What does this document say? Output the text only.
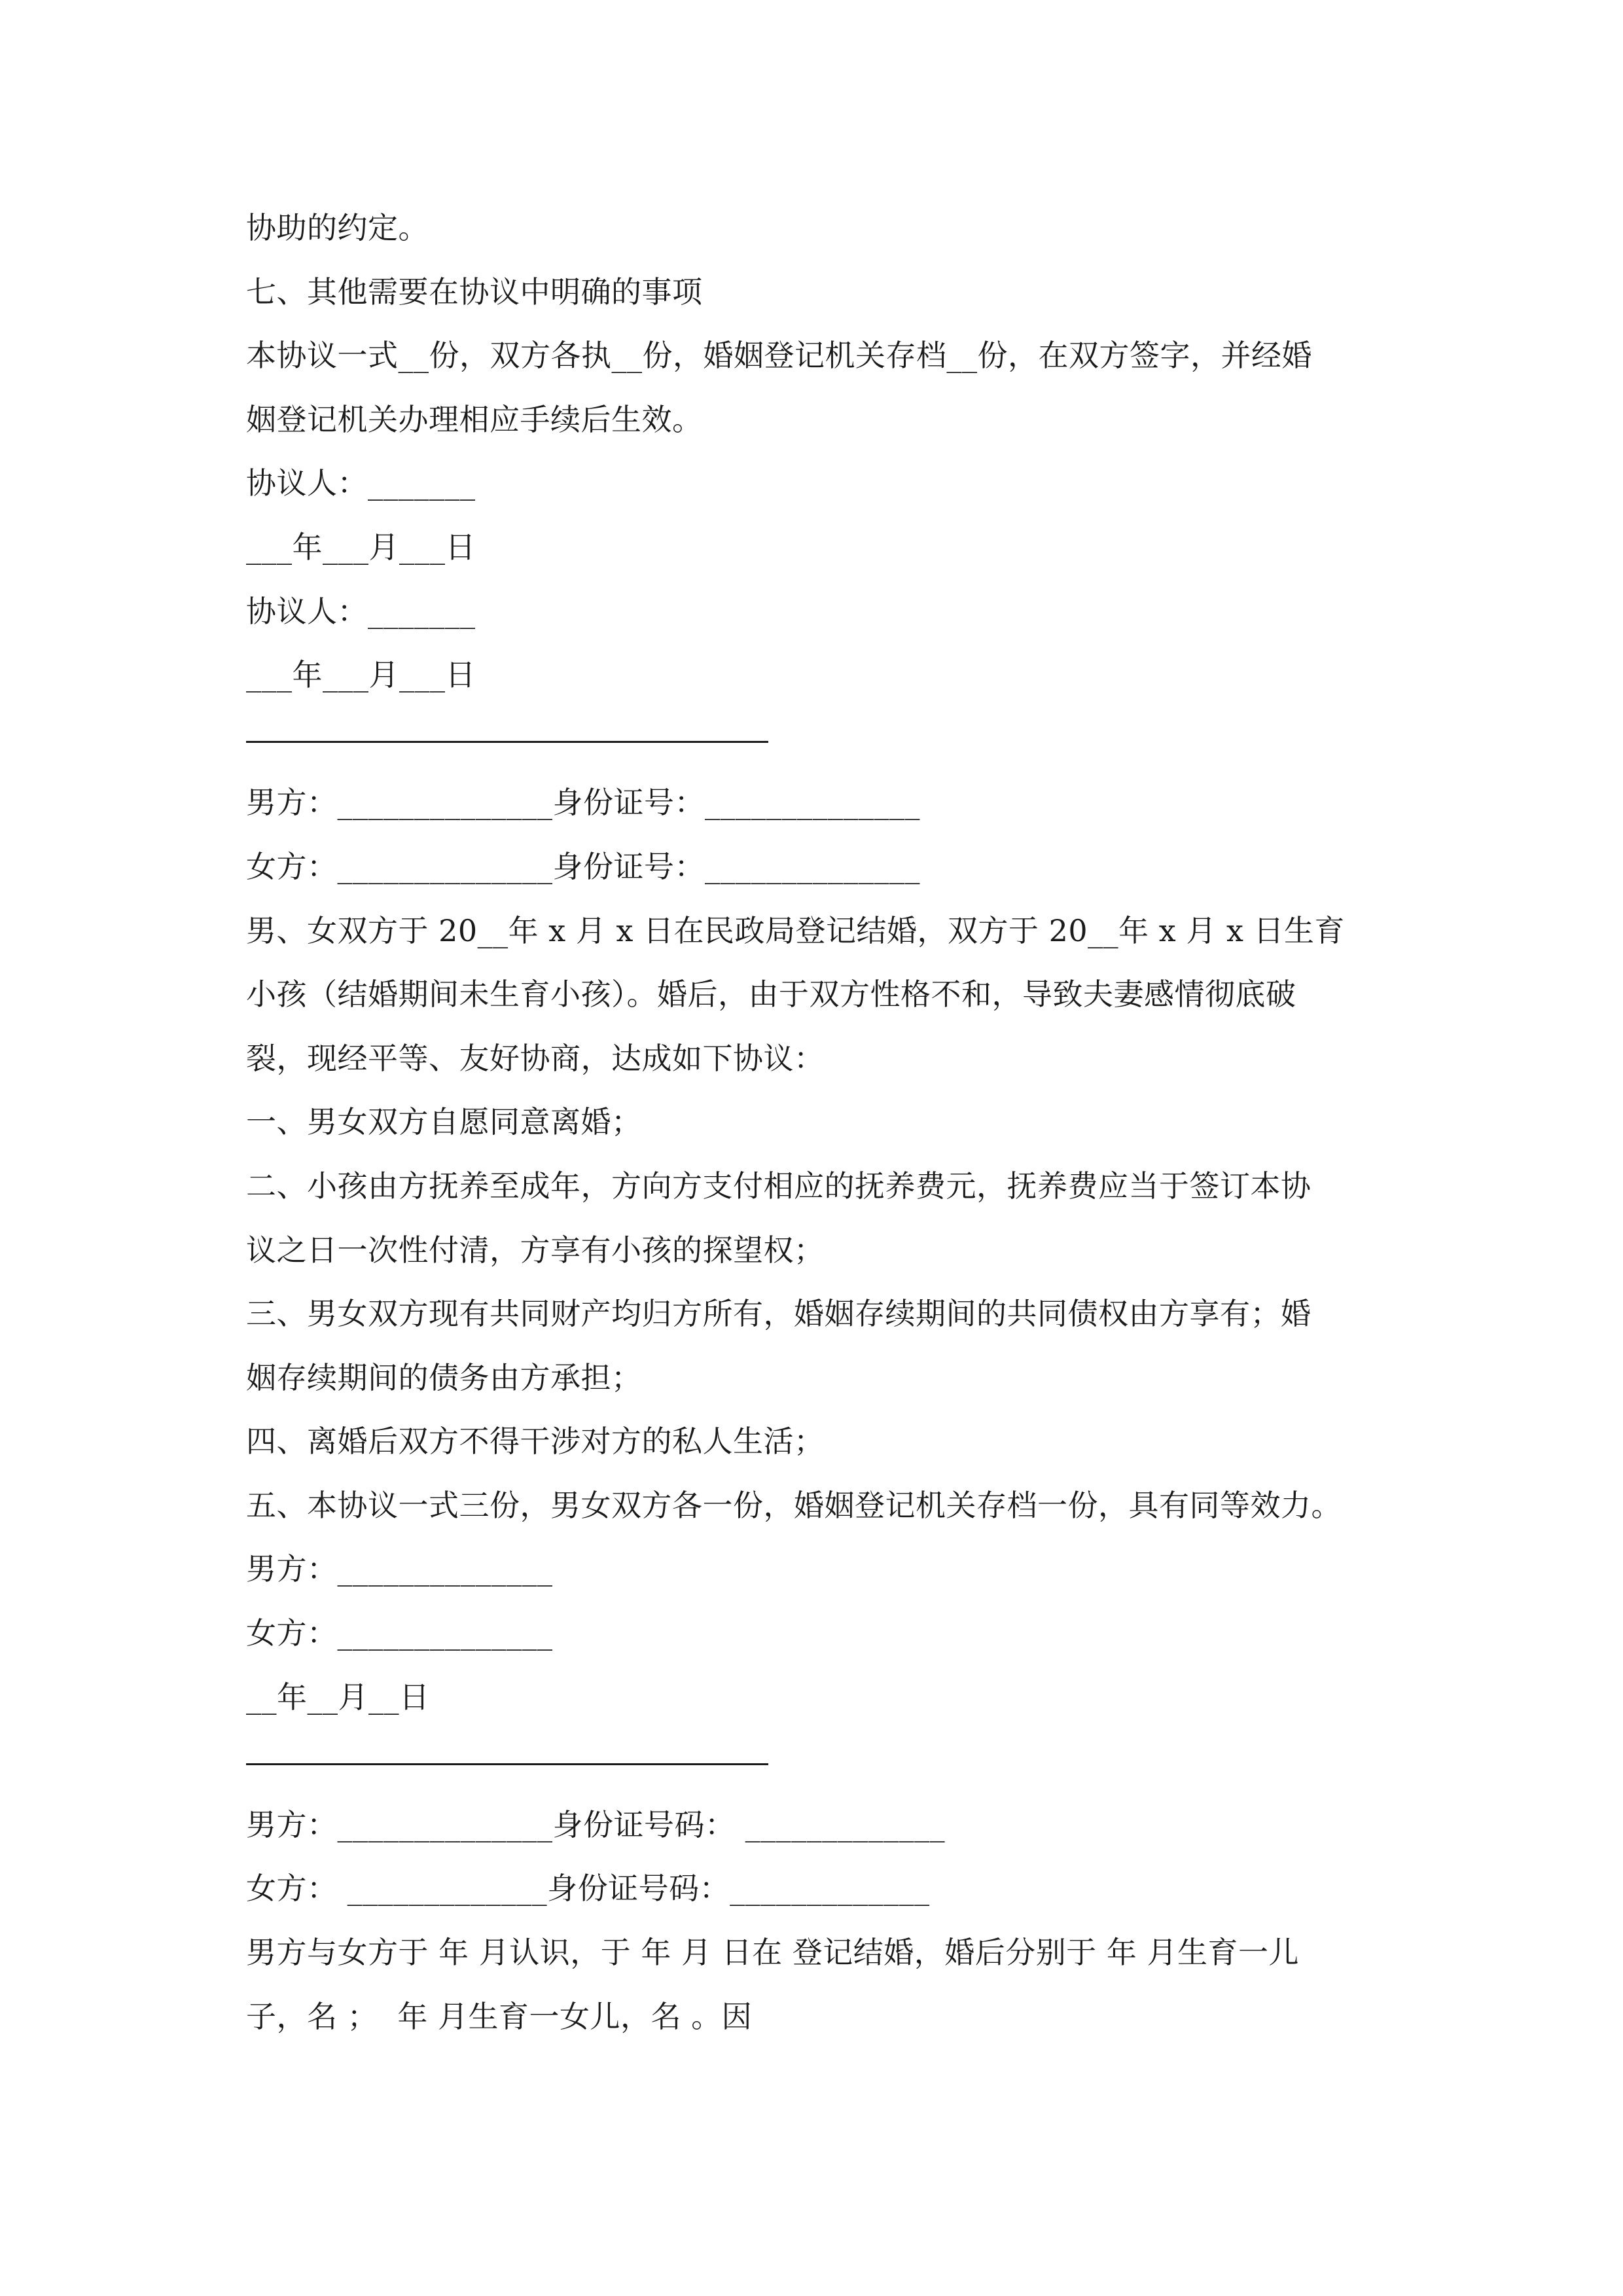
协助的约定。
七、其他需要在协议中明确的事项
本协议一式__份，双方各执__份，婚姻登记机关存档__份，在双方签字，并经婚
姻登记机关办理相应手续后生效。
协议人：_______
___年___月___日
协议人：_______
___年___月___日
男方：______________身份证号：______________
女方：______________身份证号：______________
男、女双方于 20__年 x 月 x 日在民政局登记结婚，双方于 20__年 x 月 x 日生育
小孩（结婚期间未生育小孩）。婚后，由于双方性格不和，导致夫妻感情彻底破
裂，现经平等、友好协商，达成如下协议：
一、男女双方自愿同意离婚；
二、小孩由方抚养至成年，方向方支付相应的抚养费元，抚养费应当于签订本协
议之日一次性付清，方享有小孩的探望权；
三、男女双方现有共同财产均归方所有，婚姻存续期间的共同债权由方享有；婚
姻存续期间的债务由方承担；
四、离婚后双方不得干涉对方的私人生活；
五、本协议一式三份，男女双方各一份，婚姻登记机关存档一份，具有同等效力。
男方：______________
女方：______________
__年__月__日
男方：______________身份证号码： _____________
女方： _____________身份证号码：_____________
男方与女方于 年 月认识，于 年 月 日在 登记结婚，婚后分别于 年 月生育一儿
子，名 ；  年 月生育一女儿，名 。因
